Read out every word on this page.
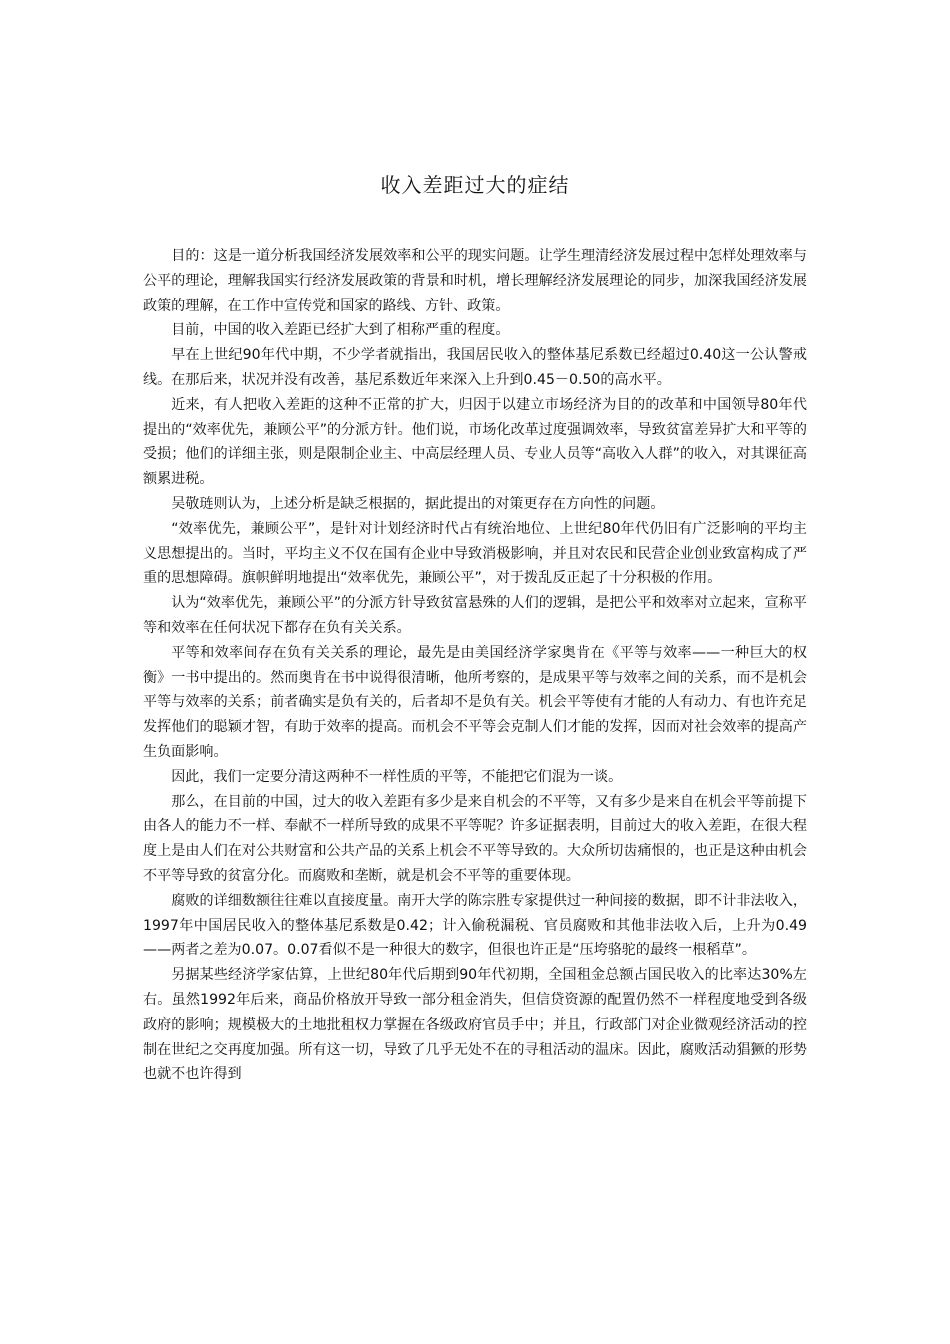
收入差距过大的症结

目的：这是一道分析我国经济发展效率和公平的现实问题。让学生理清经济发展过程中怎样处理效率与公平的理论，理解我国实行经济发展政策的背景和时机，增长理解经济发展理论的同步，加深我国经济发展政策的理解，在工作中宣传党和国家的路线、方针、政策。

目前，中国的收入差距已经扩大到了相称严重的程度。

早在上世纪90年代中期，不少学者就指出，我国居民收入的整体基尼系数已经超过0.40这一公认警戒线。在那后来，状况并没有改善，基尼系数近年来深入上升到0.45－0.50的高水平。

近来，有人把收入差距的这种不正常的扩大，归因于以建立市场经济为目的的改革和中国领导80年代提出的“效率优先，兼顾公平”的分派方针。他们说，市场化改革过度强调效率，导致贫富差异扩大和平等的受损；他们的详细主张，则是限制企业主、中高层经理人员、专业人员等“高收入人群”的收入，对其课征高额累进税。

吴敬琏则认为，上述分析是缺乏根据的，据此提出的对策更存在方向性的问题。

“效率优先，兼顾公平”，是针对计划经济时代占有统治地位、上世纪80年代仍旧有广泛影响的平均主义思想提出的。当时，平均主义不仅在国有企业中导致消极影响，并且对农民和民营企业创业致富构成了严重的思想障碍。旗帜鲜明地提出“效率优先，兼顾公平”，对于拨乱反正起了十分积极的作用。

认为“效率优先，兼顾公平”的分派方针导致贫富悬殊的人们的逻辑，是把公平和效率对立起来，宣称平等和效率在任何状况下都存在负有关关系。

平等和效率间存在负有关关系的理论，最先是由美国经济学家奥肯在《平等与效率——一种巨大的权衡》一书中提出的。然而奥肯在书中说得很清晰，他所考察的，是成果平等与效率之间的关系，而不是机会平等与效率的关系；前者确实是负有关的，后者却不是负有关。机会平等使有才能的人有动力、有也许充足发挥他们的聪颖才智，有助于效率的提高。而机会不平等会克制人们才能的发挥，因而对社会效率的提高产生负面影响。

因此，我们一定要分清这两种不一样性质的平等，不能把它们混为一谈。

那么，在目前的中国，过大的收入差距有多少是来自机会的不平等，又有多少是来自在机会平等前提下由各人的能力不一样、奉献不一样所导致的成果不平等呢？许多证据表明，目前过大的收入差距，在很大程度上是由人们在对公共财富和公共产品的关系上机会不平等导致的。大众所切齿痛恨的，也正是这种由机会不平等导致的贫富分化。而腐败和垄断，就是机会不平等的重要体现。

腐败的详细数额往往难以直接度量。南开大学的陈宗胜专家提供过一种间接的数据，即不计非法收入，1997年中国居民收入的整体基尼系数是0.42；计入偷税漏税、官员腐败和其他非法收入后，上升为0.49——两者之差为0.07。0.07看似不是一种很大的数字，但很也许正是“压垮骆驼的最终一根稻草”。

另据某些经济学家估算，上世纪80年代后期到90年代初期，全国租金总额占国民收入的比率达30%左右。虽然1992年后来，商品价格放开导致一部分租金消失，但信贷资源的配置仍然不一样程度地受到各级政府的影响；规模极大的土地批租权力掌握在各级政府官员手中；并且，行政部门对企业微观经济活动的控制在世纪之交再度加强。所有这一切，导致了几乎无处不在的寻租活动的温床。因此，腐败活动猖獗的形势也就不也许得到
